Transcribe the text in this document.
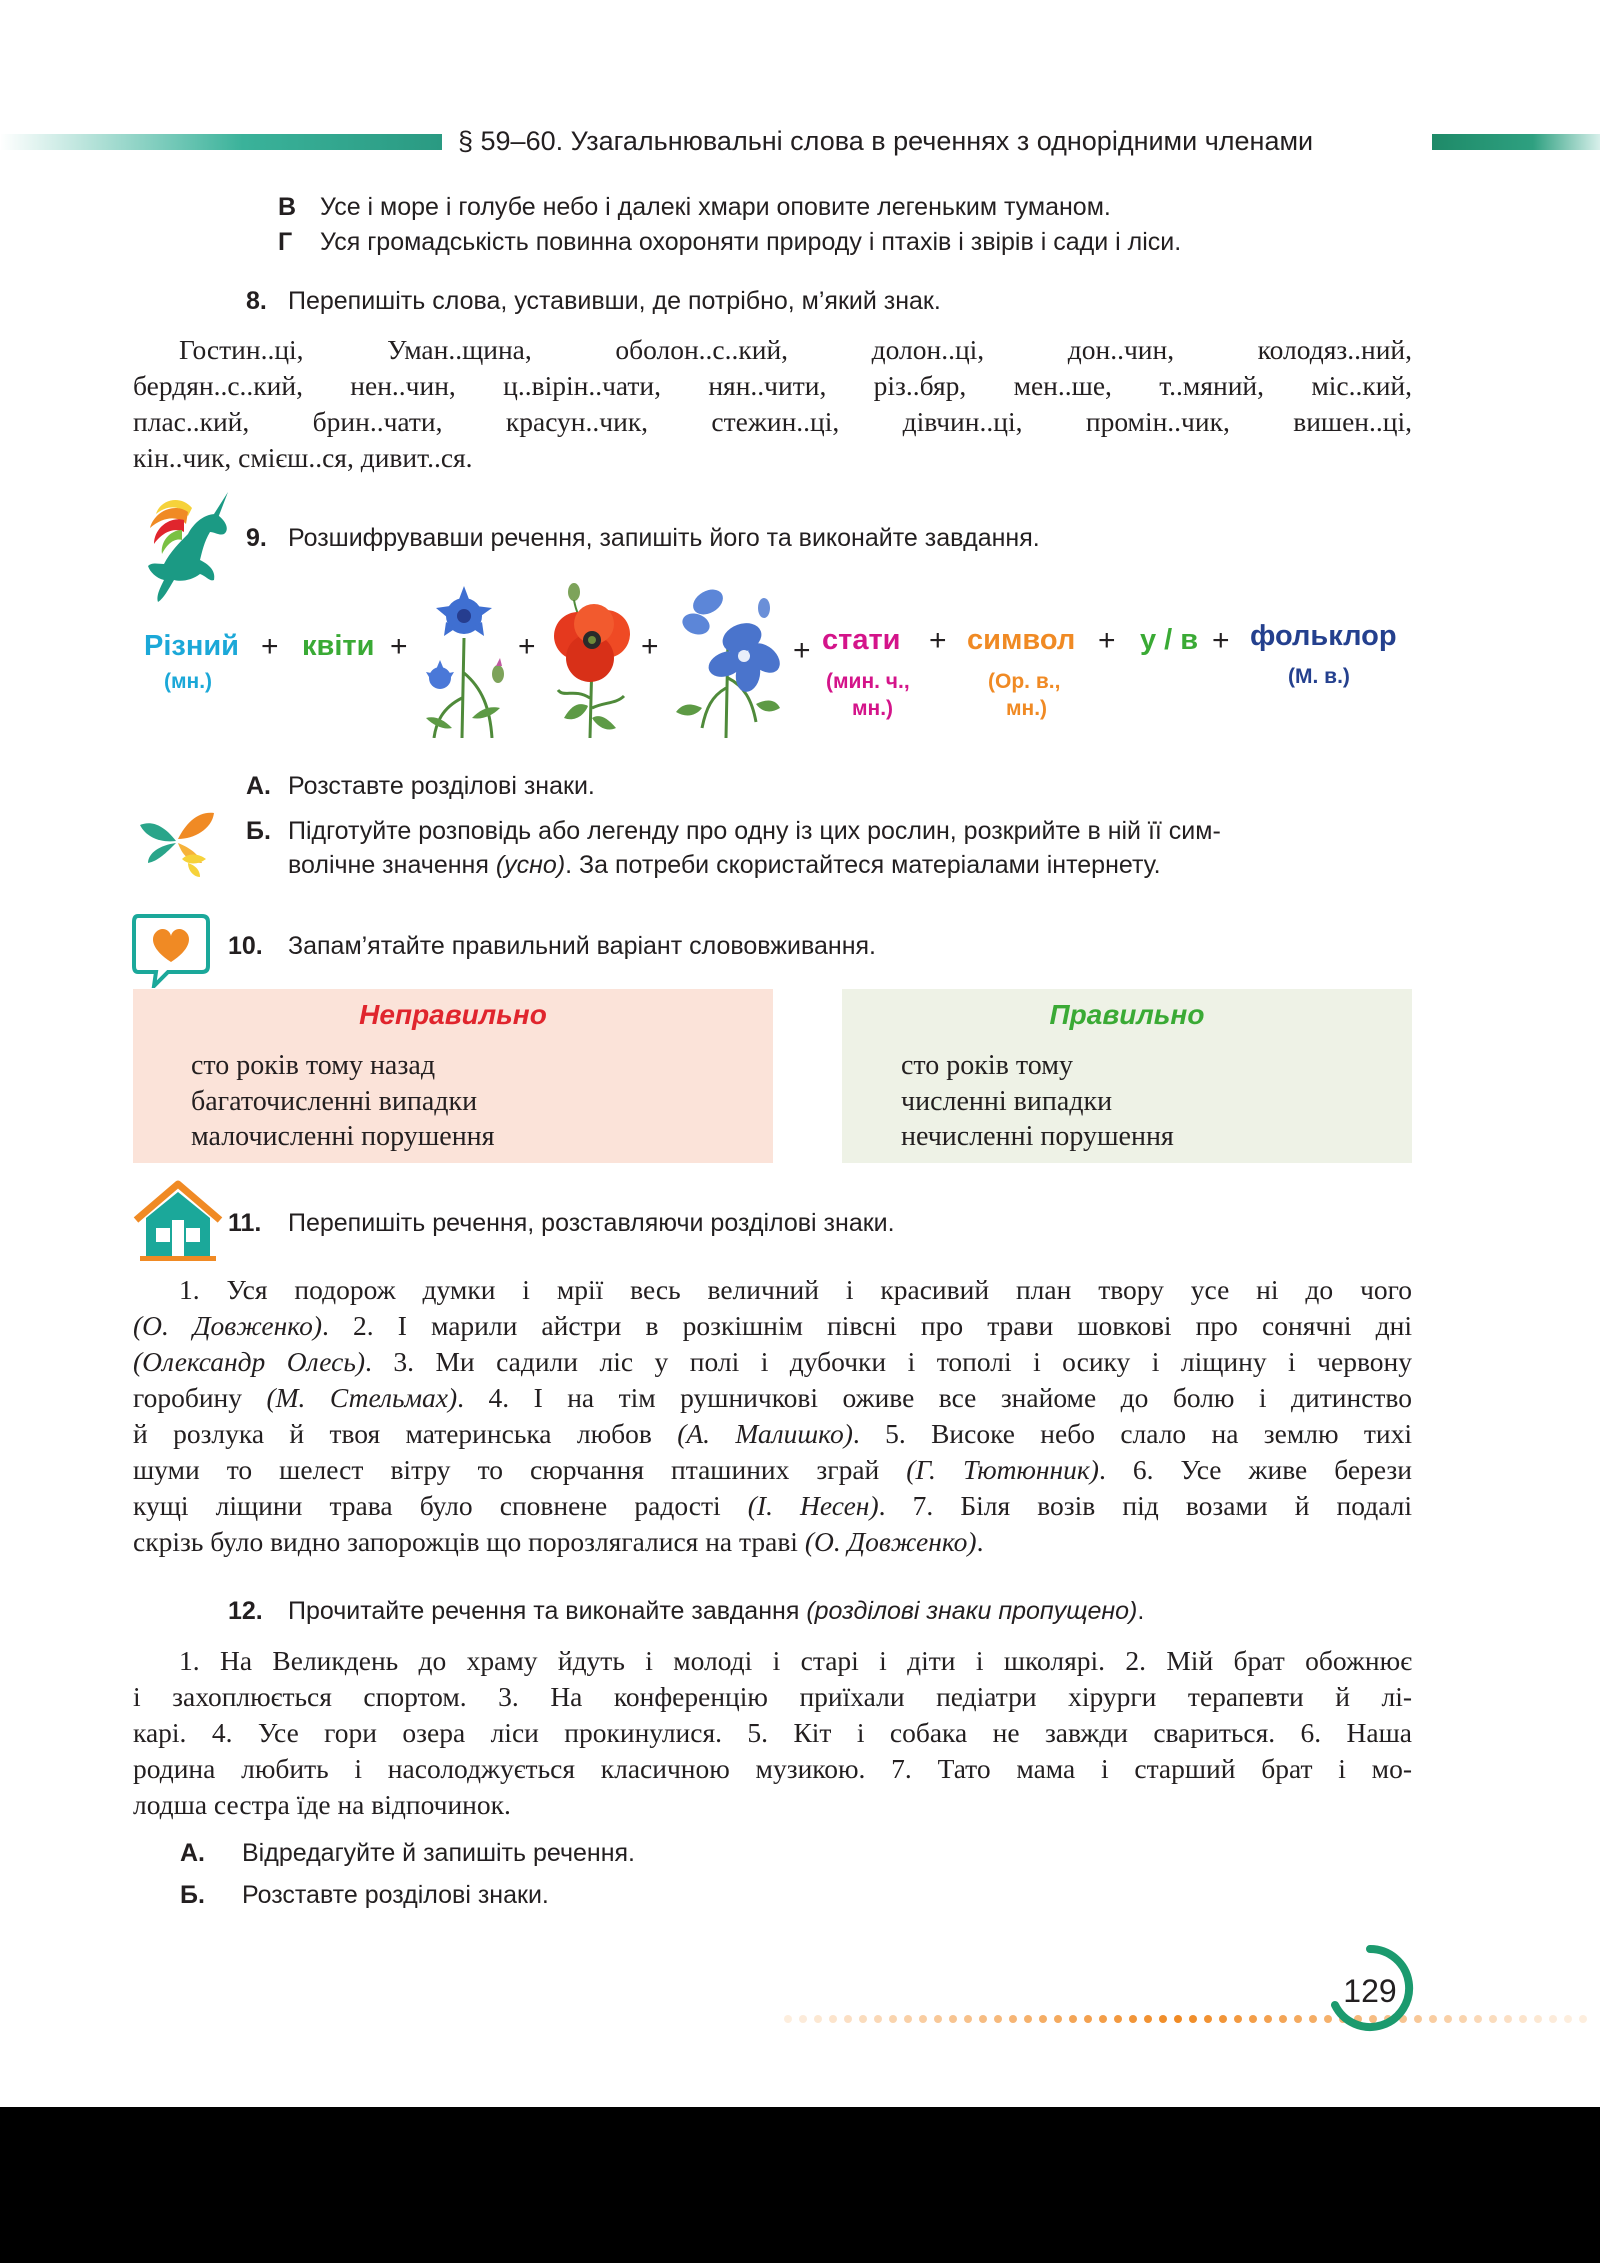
§ 59–60. Узагальнювальні слова в реченнях з однорідними членами
В Усе і море і голубе небо і далекі хмари оповите легеньким туманом.
Г Уся громадськість повинна охороняти природу і птахів і звірів і сади і ліси.
8. Перепишіть слова, уставивши, де потрібно, м’який знак.
Гостин..ці, Уман..щина, оболон..с..кий, долон..ці, дон..чин, колодяз..ний,
бердян..с..кий, нен..чин, ц..вірін..чати, нян..чити, різ..бяр, мен..ше, т..мяний, міс..кий,
плас..кий, брин..чати, красун..чик, стежин..ці, дівчин..ці, промін..чик, вишен..ці,
кін..чик, смієш..ся, дивит..ся.
9. Розшифрувавши речення, запишіть його та виконайте завдання.
Різний
(мн.)
+ квіти +	+	+	+ стати
(мин. ч.,
мн.)
+ символ
(Ор. в.,
мн.)
+ у / в + фольклор
(М. в.)
А. Розставте розділові знаки.
Б. Підготуйте розповідь або легенду про одну із цих рослин, розкрийте в ній її сим-
волічне значення (усно). За потреби скористайтеся матеріалами інтернету.
10. Запам’ятайте правильний варіант слововживання.
Неправильно
сто років тому назад
багаточисленні випадки
малочисленні порушення
Правильно
сто років тому
численні випадки
нечисленні порушення
11. Перепишіть речення, розставляючи розділові знаки.
1. Уся подорож думки і мрії весь величний і красивий план твору усе ні до чого
(О. Довженко). 2. І марили айстри в розкішнім півсні про трави шовкові про сонячні дні
(Олександр Олесь). 3. Ми садили ліс у полі і дубочки і тополі і осику і ліщину і червону
горобину (М. Стельмах). 4. І на тім рушничкові оживе все знайоме до болю і дитинство
й розлука й твоя материнська любов (А. Малишко). 5. Високе небо слало на землю тихі
шуми то шелест вітру то сюрчання пташиних зграй (Г. Тютюнник). 6. Усе живе берези
кущі ліщини трава було сповнене радості (І. Несен). 7. Біля возів під возами й подалі
скрізь було видно запорожців що порозлягалися на траві (О. Довженко).
12. Прочитайте речення та виконайте завдання (розділові знаки пропущено).
1. На Великдень до храму йдуть і молоді і старі і діти і школярі. 2. Мій брат обожнює
і захоплюється спортом. 3. На конференцію приїхали педіатри хірурги терапевти й лі-
карі. 4. Усе гори озера ліси прокинулися. 5. Кіт і собака не завжди свариться. 6. Наша
родина любить і насолоджується класичною музикою. 7. Тато мама і старший брат і мо-
лодша сестра їде на відпочинок.
А. Відредагуйте й запишіть речення.
Б. Розставте розділові знаки.
129
